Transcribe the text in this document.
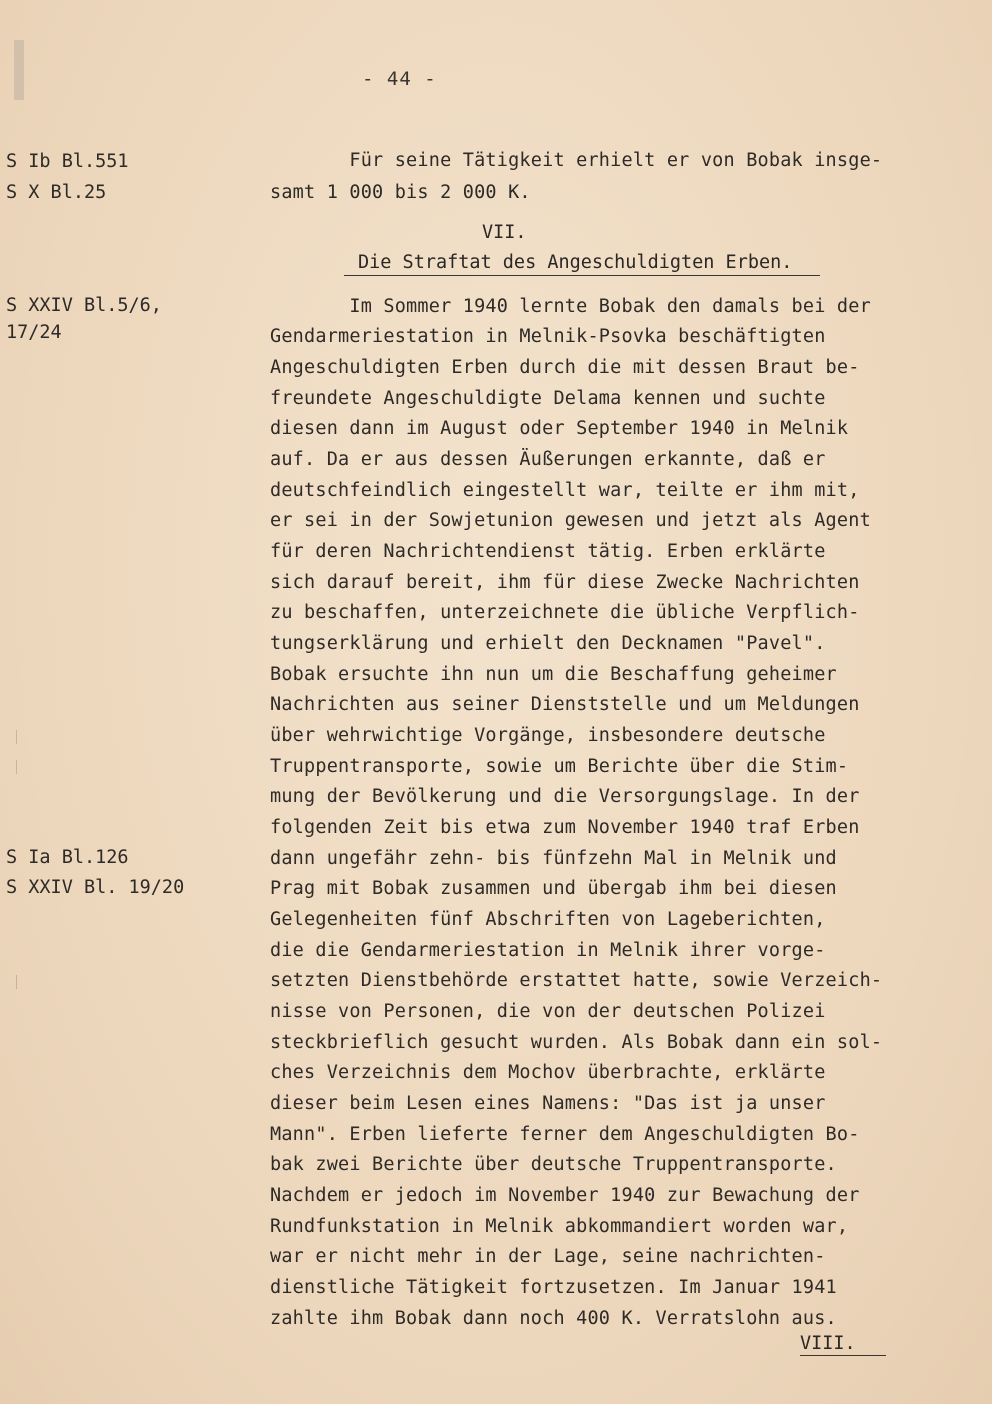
- 44 -
S Ib Bl.551
S X Bl.25
S XXIV Bl.5/6,
17/24
S Ia Bl.126
S XXIV Bl. 19/20
Für seine Tätigkeit erhielt er von Bobak insge-
samt 1 000 bis 2 000 K.
VII.
Die Straftat des Angeschuldigten Erben.
Im Sommer 1940 lernte Bobak den damals bei der
Gendarmeriestation in Melnik-Psovka beschäftigten
Angeschuldigten Erben durch die mit dessen Braut be-
freundete Angeschuldigte Delama kennen und suchte
diesen dann im August oder September 1940 in Melnik
auf. Da er aus dessen Äußerungen erkannte, daß er
deutschfeindlich eingestellt war, teilte er ihm mit,
er sei in der Sowjetunion gewesen und jetzt als Agent
für deren Nachrichtendienst tätig. Erben erklärte
sich darauf bereit, ihm für diese Zwecke Nachrichten
zu beschaffen, unterzeichnete die übliche Verpflich-
tungserklärung und erhielt den Decknamen "Pavel".
Bobak ersuchte ihn nun um die Beschaffung geheimer
Nachrichten aus seiner Dienststelle und um Meldungen
über wehrwichtige Vorgänge, insbesondere deutsche
Truppentransporte, sowie um Berichte über die Stim-
mung der Bevölkerung und die Versorgungslage. In der
folgenden Zeit bis etwa zum November 1940 traf Erben
dann ungefähr zehn- bis fünfzehn Mal in Melnik und
Prag mit Bobak zusammen und übergab ihm bei diesen
Gelegenheiten fünf Abschriften von Lageberichten,
die die Gendarmeriestation in Melnik ihrer vorge-
setzten Dienstbehörde erstattet hatte, sowie Verzeich-
nisse von Personen, die von der deutschen Polizei
steckbrieflich gesucht wurden. Als Bobak dann ein sol-
ches Verzeichnis dem Mochov überbrachte, erklärte
dieser beim Lesen eines Namens: "Das ist ja unser
Mann". Erben lieferte ferner dem Angeschuldigten Bo-
bak zwei Berichte über deutsche Truppentransporte.
Nachdem er jedoch im November 1940 zur Bewachung der
Rundfunkstation in Melnik abkommandiert worden war,
war er nicht mehr in der Lage, seine nachrichten-
dienstliche Tätigkeit fortzusetzen. Im Januar 1941
zahlte ihm Bobak dann noch 400 K. Verratslohn aus.
VIII.
